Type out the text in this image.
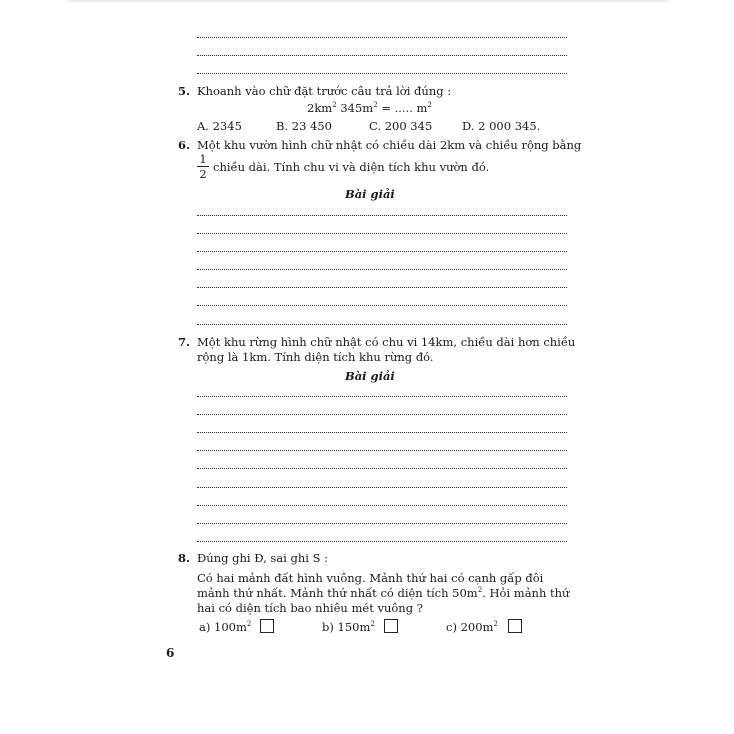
5. Khoanh vào chữ đặt trước câu trả lời đúng :
$2km^2$ $345m^2$ = ..... $m^2$
A. 2345	B. 23 450	C. 200 345	D. 2 000 345.
6. Một khu vườn hình chữ nhật có chiều dài 2km và chiều rộng bằng
$\frac{1}{2}$ chiều dài. Tính chu vi và diện tích khu vườn đó.
Bài giải
7. Một khu rừng hình chữ nhật có chu vi 14km, chiều dài hơn chiều
rộng là 1km. Tính diện tích khu rừng đó.
Bài giải
8. Đúng ghi Đ, sai ghi S :
Có hai mảnh đất hình vuông. Mảnh thứ hai có cạnh gấp đôi
mảnh thứ nhất. Mảnh thứ nhất có diện tích $50m^2$. Hỏi mảnh thứ
hai có diện tích bao nhiêu mét vuông ?
a) $100m^2$	b) $150m^2$	c) $200m^2$
6
